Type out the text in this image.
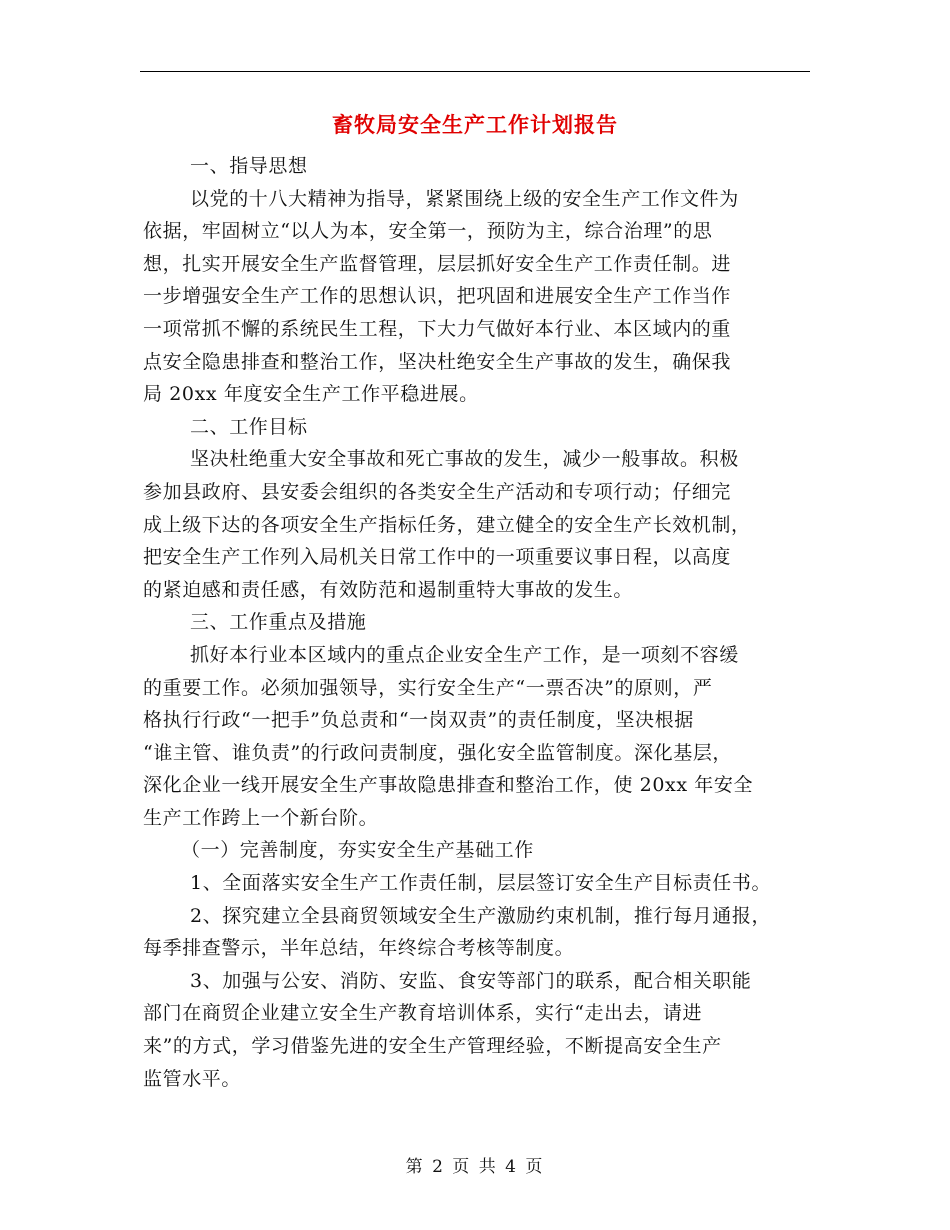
畜牧局安全生产工作计划报告
一、指导思想
以党的十八大精神为指导，紧紧围绕上级的安全生产工作文件为
依据，牢固树立“以人为本，安全第一，预防为主，综合治理”的思
想，扎实开展安全生产监督管理，层层抓好安全生产工作责任制。进
一步增强安全生产工作的思想认识，把巩固和进展安全生产工作当作
一项常抓不懈的系统民生工程，下大力气做好本行业、本区域内的重
点安全隐患排查和整治工作，坚决杜绝安全生产事故的发生，确保我
局 20xx 年度安全生产工作平稳进展。
二、工作目标
坚决杜绝重大安全事故和死亡事故的发生，减少一般事故。积极
参加县政府、县安委会组织的各类安全生产活动和专项行动；仔细完
成上级下达的各项安全生产指标任务，建立健全的安全生产长效机制，
把安全生产工作列入局机关日常工作中的一项重要议事日程，以高度
的紧迫感和责任感，有效防范和遏制重特大事故的发生。
三、工作重点及措施
抓好本行业本区域内的重点企业安全生产工作，是一项刻不容缓
的重要工作。必须加强领导，实行安全生产“一票否决”的原则，严
格执行行政“一把手”负总责和“一岗双责”的责任制度，坚决根据
“谁主管、谁负责”的行政问责制度，强化安全监管制度。深化基层，
深化企业一线开展安全生产事故隐患排查和整治工作，使 20xx 年安全
生产工作跨上一个新台阶。
（一）完善制度，夯实安全生产基础工作
1、全面落实安全生产工作责任制，层层签订安全生产目标责任书。
2、探究建立全县商贸领域安全生产激励约束机制，推行每月通报，
每季排查警示，半年总结，年终综合考核等制度。
3、加强与公安、消防、安监、食安等部门的联系，配合相关职能
部门在商贸企业建立安全生产教育培训体系，实行“走出去，请进
来”的方式，学习借鉴先进的安全生产管理经验，不断提高安全生产
监管水平。
第 2 页 共 4 页
